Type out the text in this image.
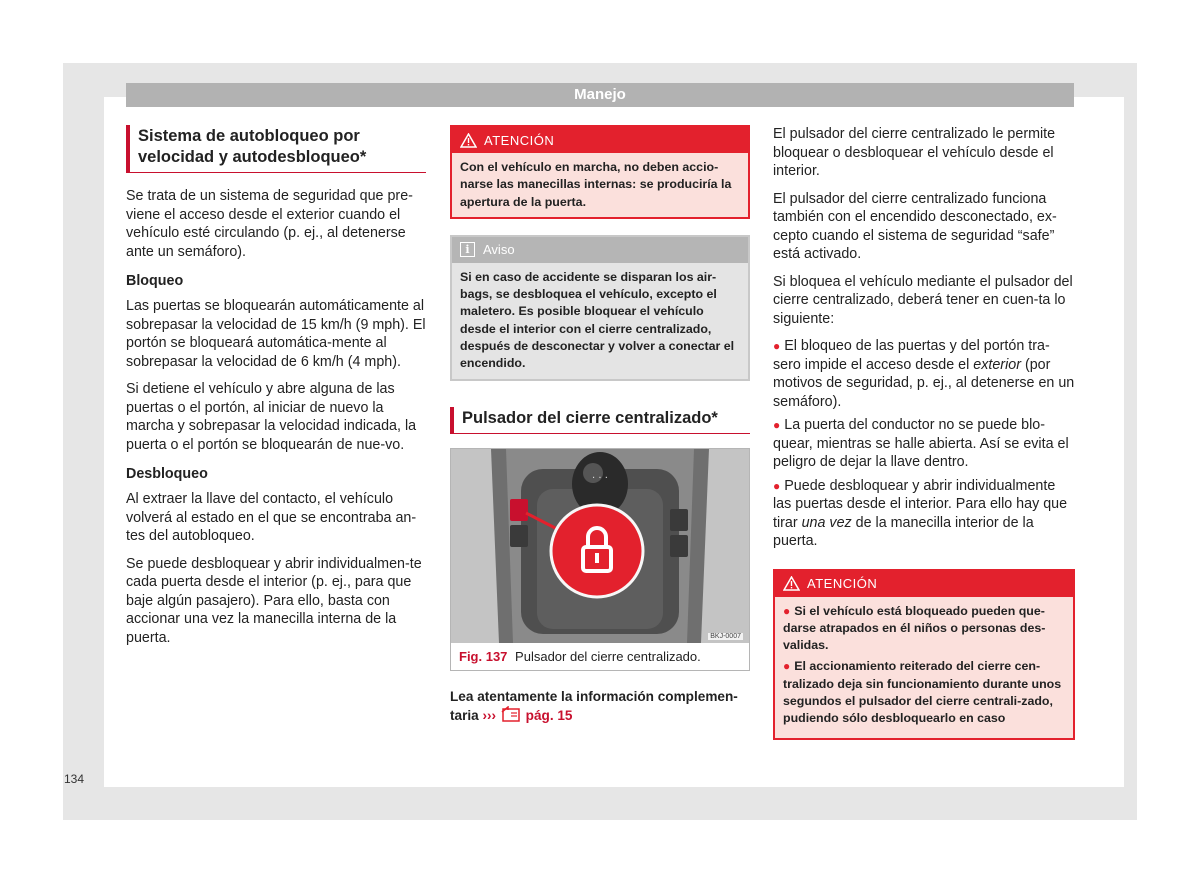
Manejo
Sistema de autobloqueo por velocidad y autodesbloqueo*

Se trata de un sistema de seguridad que pre-viene el acceso desde el exterior cuando el vehículo esté circulando (p. ej., al detenerse ante un semáforo).

Bloqueo

Las puertas se bloquearán automáticamente al sobrepasar la velocidad de 15 km/h (9 mph). El portón se bloqueará automática-mente al sobrepasar la velocidad de 6 km/h (4 mph).

Si detiene el vehículo y abre alguna de las puertas o el portón, al iniciar de nuevo la marcha y sobrepasar la velocidad indicada, la puerta o el portón se bloquearán de nue-vo.

Desbloqueo

Al extraer la llave del contacto, el vehículo volverá al estado en el que se encontraba an-tes del autobloqueo.

Se puede desbloquear y abrir individualmen-te cada puerta desde el interior (p. ej., para que baje algún pasajero). Para ello, basta con accionar una vez la manecilla interna de la puerta.

ATENCIÓN
Con el vehículo en marcha, no deben accio-narse las manecillas internas: se produciría la apertura de la puerta.
i	Aviso
Si en caso de accidente se disparan los air-bags, se desbloquea el vehículo, excepto el maletero. Es posible bloquear el vehículo desde el interior con el cierre centralizado, después de desconectar y volver a conectar el encendido.
Pulsador del cierre centralizado*
· · ·
BKJ-0007
Fig. 137 Pulsador del cierre centralizado.
Lea atentamente la información complemen-taria ››› pág. 15

El pulsador del cierre centralizado le permite bloquear o desbloquear el vehículo desde el interior.

El pulsador del cierre centralizado funciona también con el encendido desconectado, ex-cepto cuando el sistema de seguridad “safe” está activado.

Si bloquea el vehículo mediante el pulsador del cierre centralizado, deberá tener en cuen-ta lo siguiente:

● El bloqueo de las puertas y del portón tra-sero impide el acceso desde el exterior (por motivos de seguridad, p. ej., al detenerse en un semáforo).
● La puerta del conductor no se puede blo-quear, mientras se halle abierta. Así se evita el peligro de dejar la llave dentro.
● Puede desbloquear y abrir individualmente las puertas desde el interior. Para ello hay que tirar una vez de la manecilla interior de la puerta.
ATENCIÓN
● Si el vehículo está bloqueado pueden que-darse atrapados en él niños o personas des-validas.
● El accionamiento reiterado del cierre cen-tralizado deja sin funcionamiento durante unos segundos el pulsador del cierre centrali-zado, pudiendo sólo desbloquearlo en caso
134
